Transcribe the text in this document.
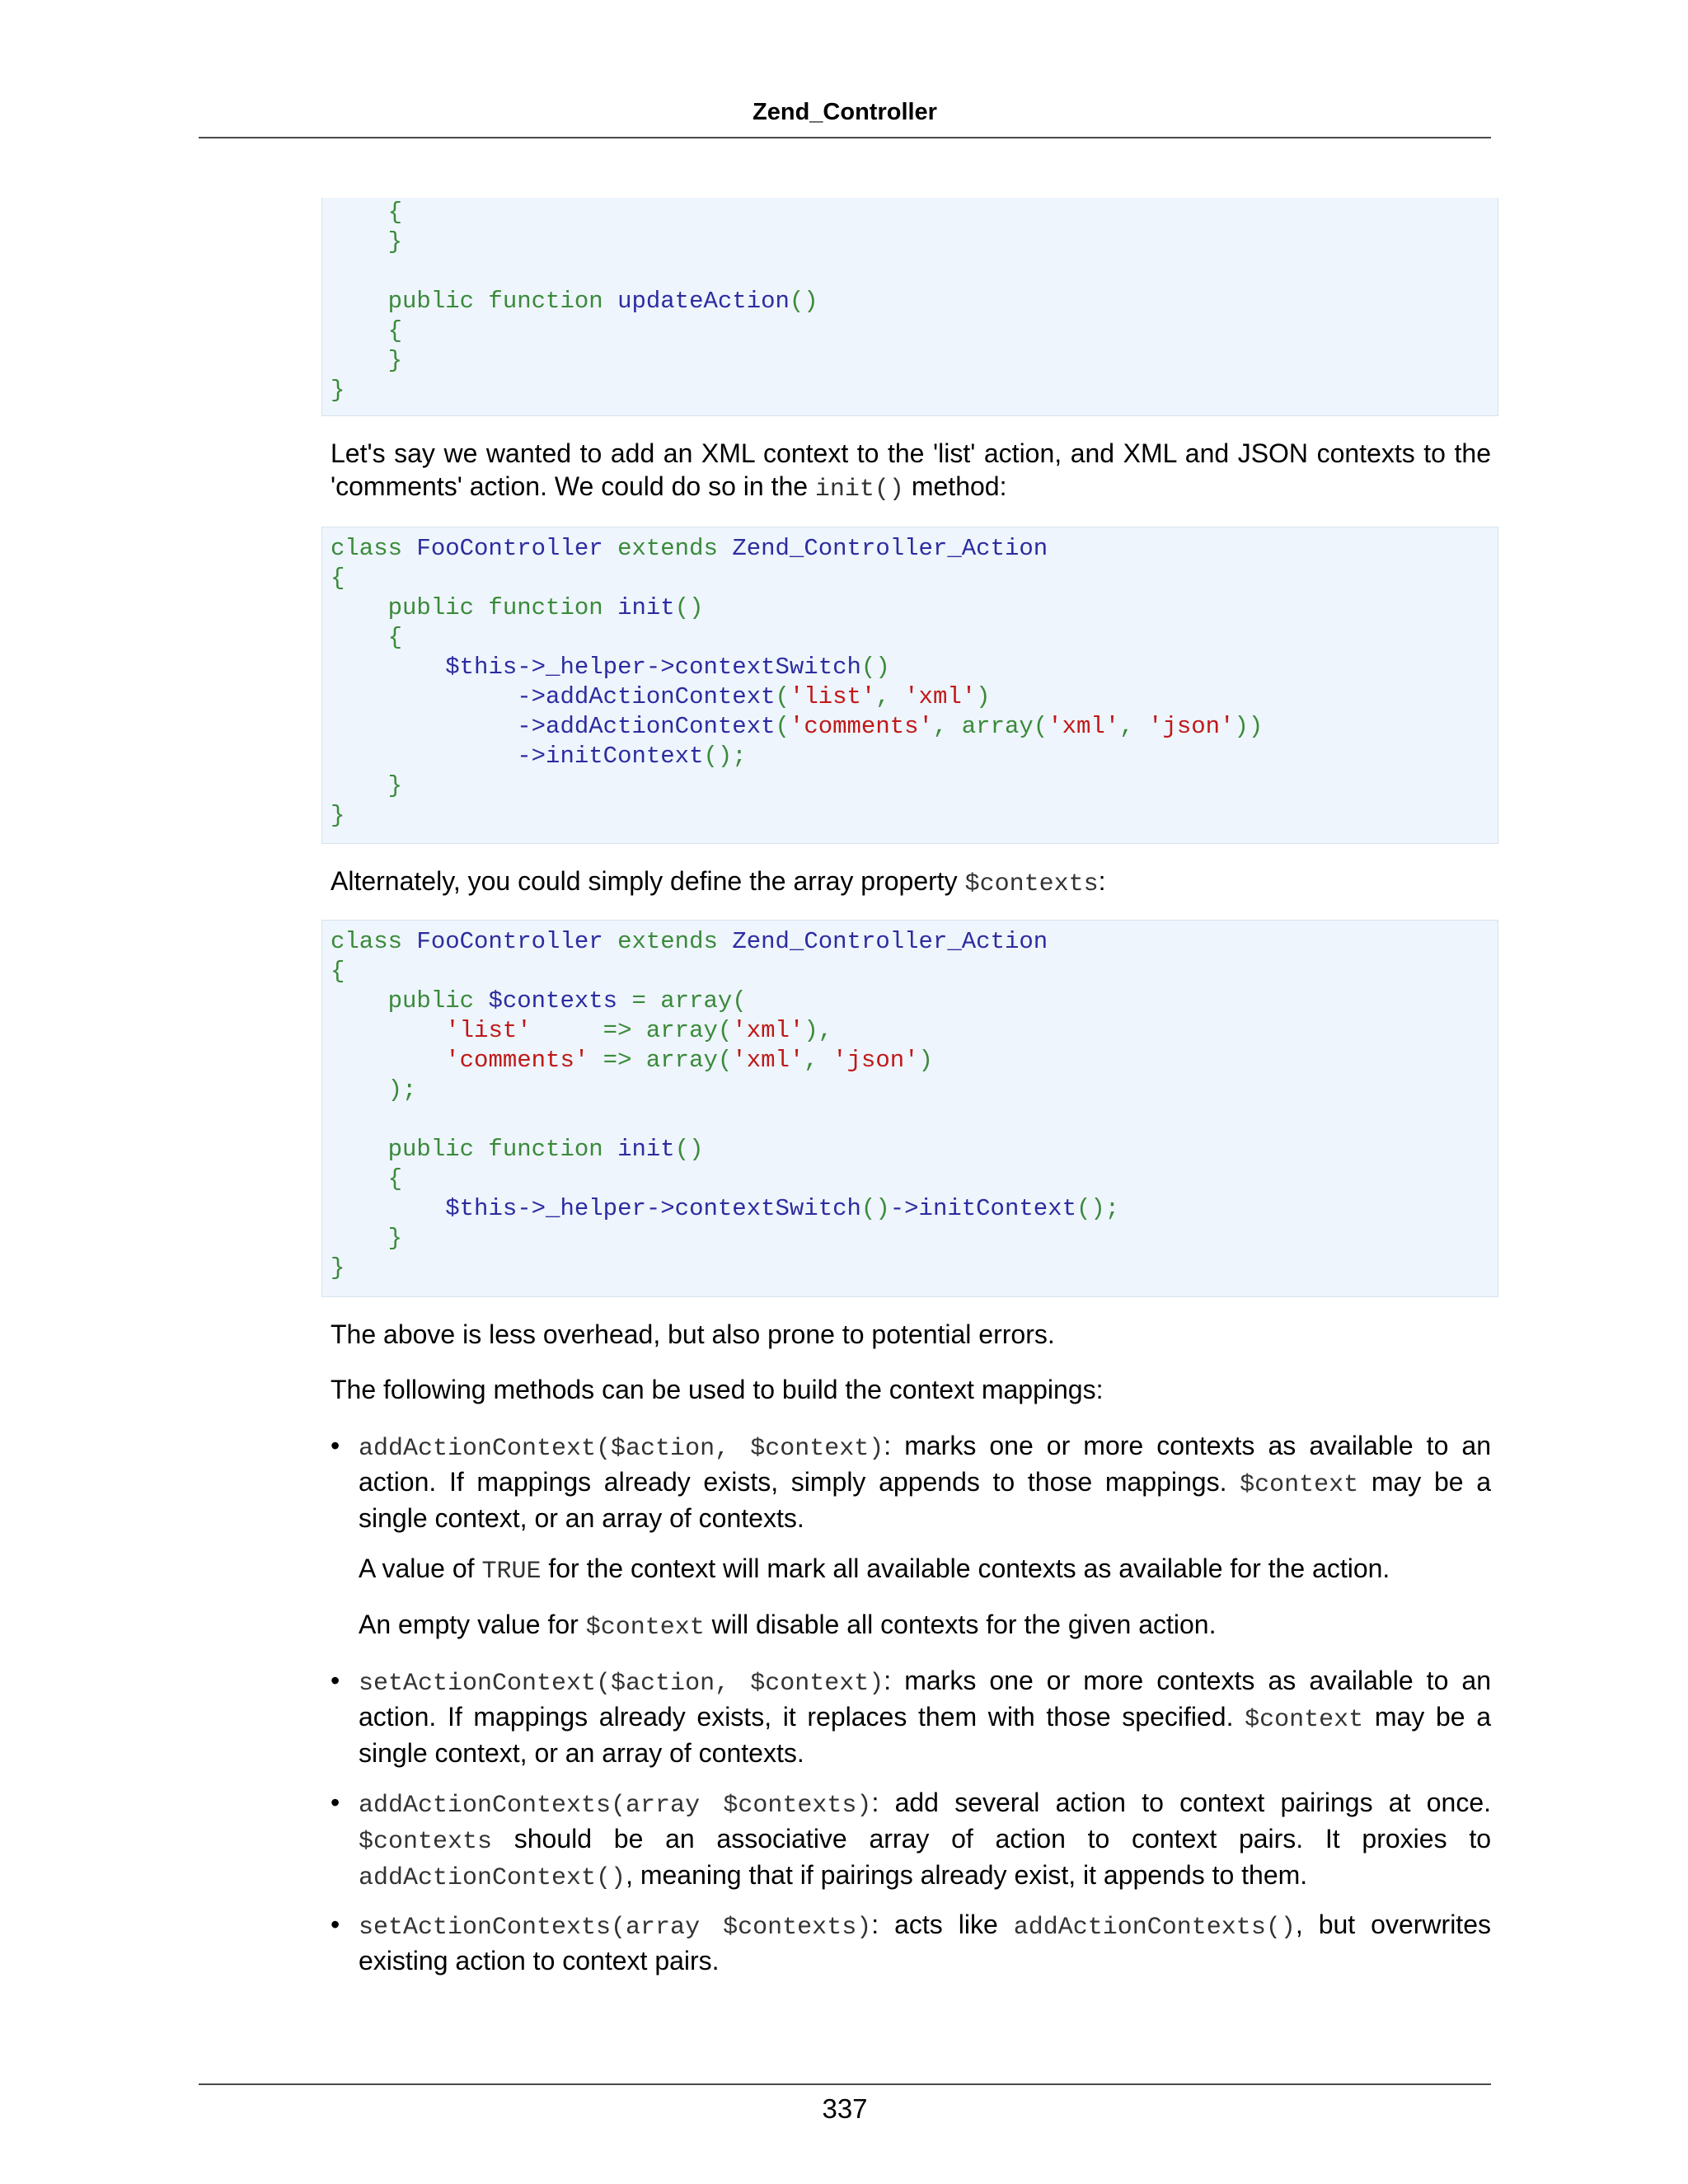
Zend_Controller
{
}
public function updateAction()
{
}
}

Let's say we wanted to add an XML context to the 'list' action, and XML and JSON contexts to the 'comments' action. We could do so in the init() method:

class FooController extends Zend_Controller_Action
{
public function init()
{
$this->_helper->contextSwitch()
->addActionContext('list', 'xml')
->addActionContext('comments', array('xml', 'json'))
->initContext();
}
}

Alternately, you could simply define the array property $contexts:

class FooController extends Zend_Controller_Action
{
public $contexts = array(
'list'     => array('xml'),
'comments' => array('xml', 'json')
);
public function init()
{
$this->_helper->contextSwitch()->initContext();
}
}

The above is less overhead, but also prone to potential errors.

The following methods can be used to build the context mappings:

• addActionContext($action, $context): marks one or more contexts as available to an action. If mappings already exists, simply appends to those mappings. $context may be a single context, or an array of contexts.

A value of TRUE for the context will mark all available contexts as available for the action.

An empty value for $context will disable all contexts for the given action.

• setActionContext($action, $context): marks one or more contexts as available to an action. If mappings already exists, it replaces them with those specified. $context may be a single context, or an array of contexts.

• addActionContexts(array $contexts): add several action to context pairings at once. $contexts should be an associative array of action to context pairs. It proxies to addActionContext(), meaning that if pairings already exist, it appends to them.

• setActionContexts(array $contexts): acts like addActionContexts(), but overwrites existing action to context pairs.

337
